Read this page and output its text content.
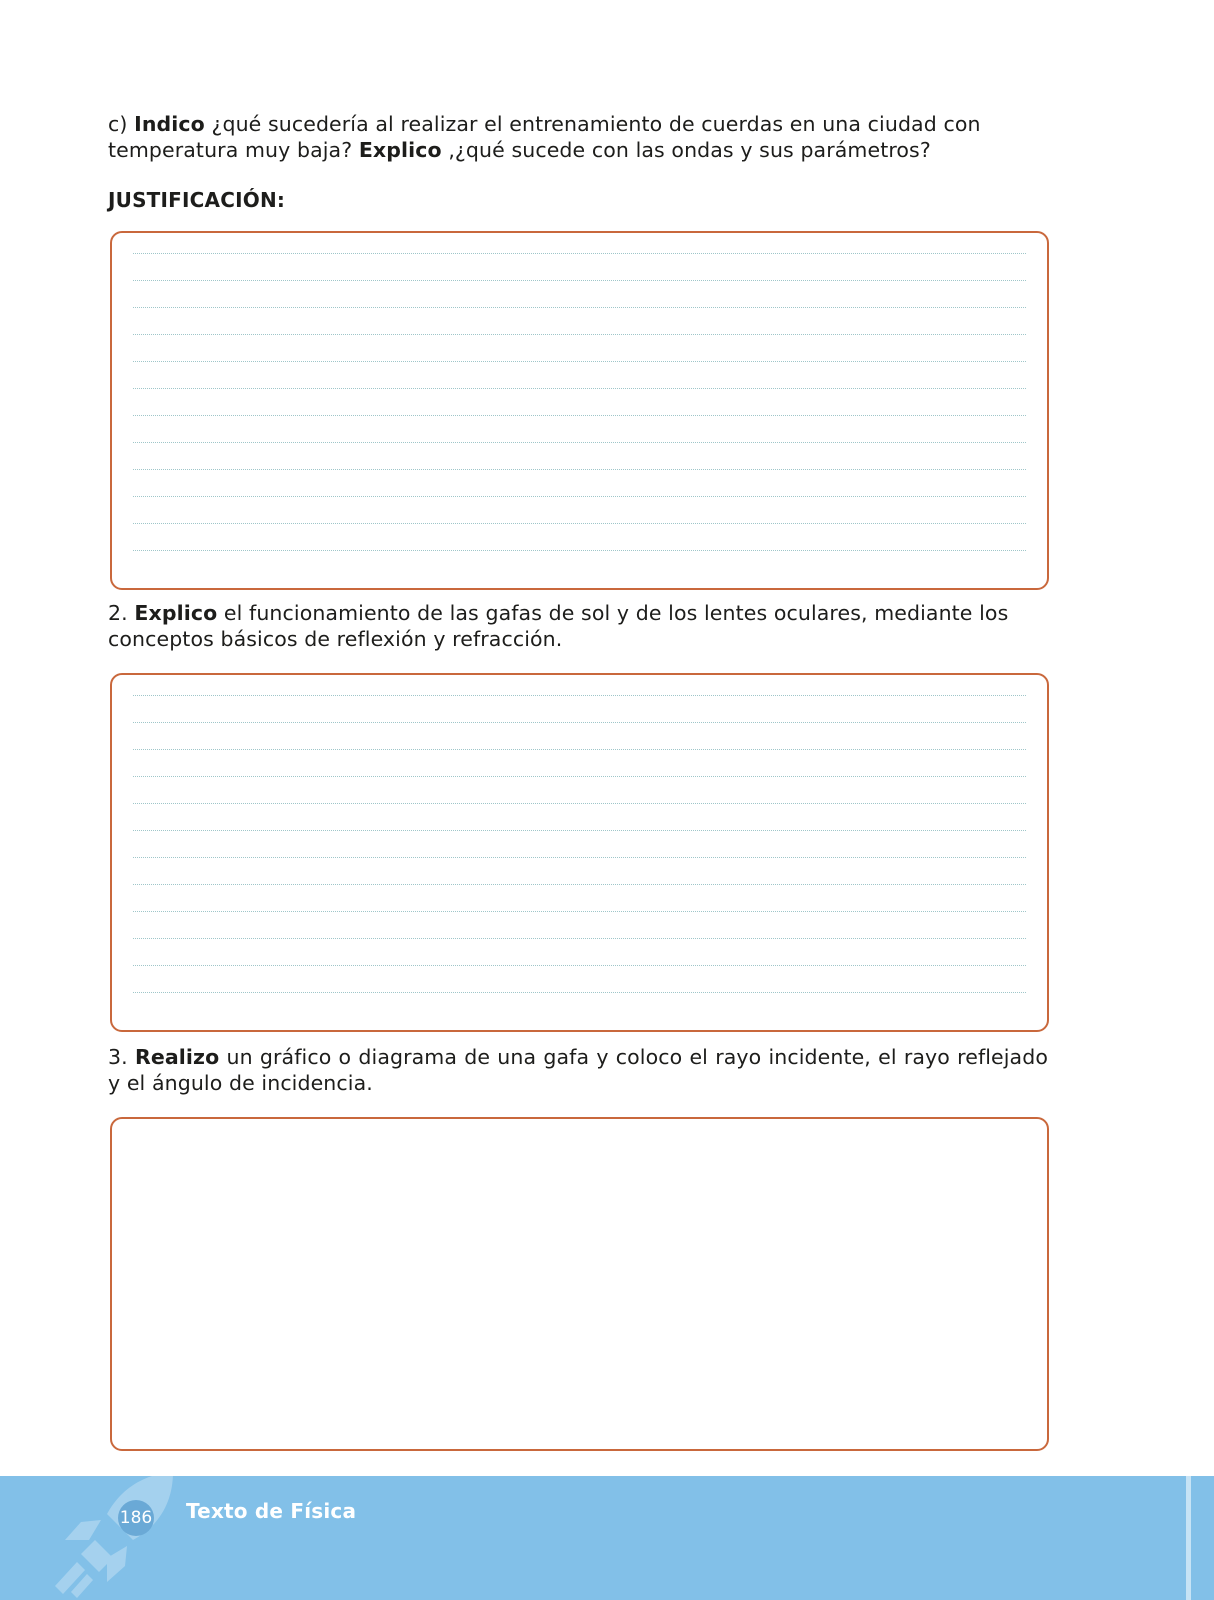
c) Indico ¿qué sucedería al realizar el entrenamiento de cuerdas en una ciudad con temperatura muy baja? Explico ,¿qué sucede con las ondas y sus parámetros?

JUSTIFICACIÓN:

2. Explico el funcionamiento de las gafas de sol y de los lentes oculares, mediante los conceptos básicos de reflexión y refracción.

3. Realizo un gráfico o diagrama de una gafa y coloco el rayo incidente, el rayo reflejado y el ángulo de incidencia.

186 Texto de Física
